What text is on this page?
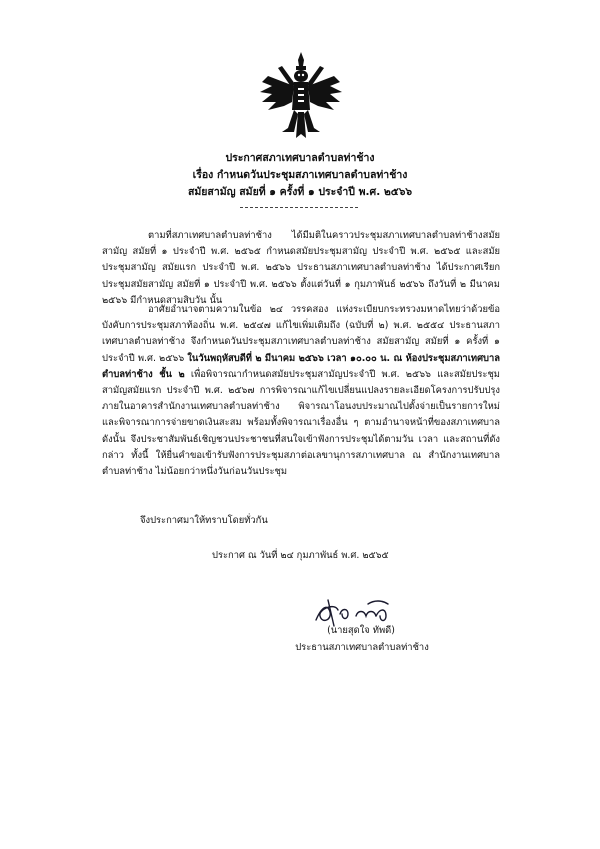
ประกาศสภาเทศบาลตำบลท่าช้าง
เรื่อง กำหนดวันประชุมสภาเทศบาลตำบลท่าช้าง
สมัยสามัญ สมัยที่ ๑ ครั้งที่ ๑ ประจำปี พ.ศ. ๒๕๖๖
ตามที่สภาเทศบาลตำบลท่าช้าง ได้มีมติในคราวประชุมสภาเทศบาลตำบลท่าช้างสมัยสามัญ สมัยที่ ๑ ประจำปี พ.ศ. ๒๕๖๕ กำหนดสมัยประชุมสามัญ ประจำปี พ.ศ. ๒๕๖๕ และสมัยประชุมสามัญ สมัยแรก ประจำปี พ.ศ. ๒๕๖๖ ประธานสภาเทศบาลตำบลท่าช้าง ได้ประกาศเรียกประชุมสมัยสามัญ สมัยที่ ๑ ประจำปี พ.ศ. ๒๕๖๖ ตั้งแต่วันที่ ๑ กุมภาพันธ์ ๒๕๖๖ ถึงวันที่ ๒ มีนาคม ๒๕๖๖ มีกำหนดสามสิบวัน นั้น
อาศัยอำนาจตามความในข้อ ๒๔ วรรคสอง แห่งระเบียบกระทรวงมหาดไทยว่าด้วยข้อบังคับการประชุมสภาท้องถิ่น พ.ศ. ๒๕๔๗ แก้ไขเพิ่มเติมถึง (ฉบับที่ ๒) พ.ศ. ๒๕๕๔ ประธานสภาเทศบาลตำบลท่าช้าง จึงกำหนดวันประชุมสภาเทศบาลตำบลท่าช้าง สมัยสามัญ สมัยที่ ๑ ครั้งที่ ๑ ประจำปี พ.ศ. ๒๕๖๖ ในวันพฤหัสบดีที่ ๒ มีนาคม ๒๕๖๖ เวลา ๑๐.๐๐ น. ณ ห้องประชุมสภาเทศบาลตำบลท่าช้าง ชั้น ๒ เพื่อพิจารณากำหนดสมัยประชุมสามัญประจำปี พ.ศ. ๒๕๖๖ และสมัยประชุมสามัญสมัยแรก ประจำปี พ.ศ. ๒๕๖๗ การพิจารณาแก้ไขเปลี่ยนแปลงรายละเอียดโครงการปรับปรุงภายในอาคารสำนักงานเทศบาลตำบลท่าช้าง พิจารณาโอนงบประมาณไปตั้งจ่ายเป็นรายการใหม่ และพิจารณาการจ่ายขาดเงินสะสม พร้อมทั้งพิจารณาเรื่องอื่น ๆ ตามอำนาจหน้าที่ของสภาเทศบาล ดังนั้น จึงประชาสัมพันธ์เชิญชวนประชาชนที่สนใจเข้าฟังการประชุมได้ตามวัน เวลา และสถานที่ดังกล่าว ทั้งนี้ ให้ยื่นคำขอเข้ารับฟังการประชุมสภาต่อเลขานุการสภาเทศบาล ณ สำนักงานเทศบาลตำบลท่าช้าง ไม่น้อยกว่าหนึ่งวันก่อนวันประชุม
จึงประกาศมาให้ทราบโดยทั่วกัน
ประกาศ ณ วันที่ ๒๔ กุมภาพันธ์ พ.ศ. ๒๕๖๕
(นายสุดใจ ทัพดี)
ประธานสภาเทศบาลตำบลท่าช้าง
